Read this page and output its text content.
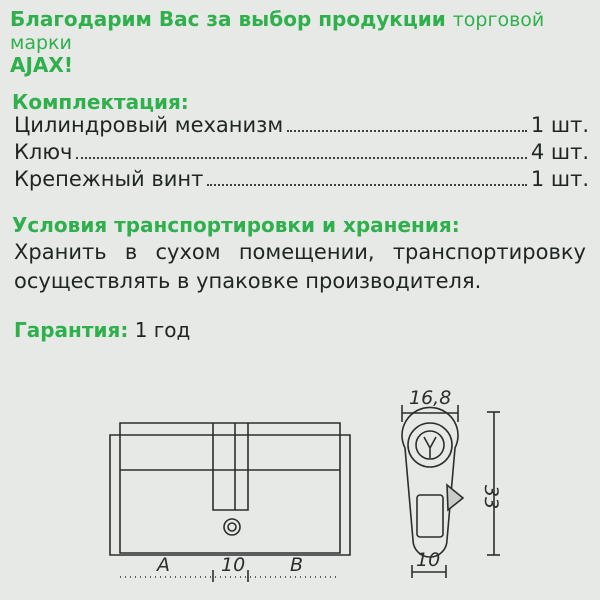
Благодарим Вас за выбор продукции торговой марки
AJAX!
Комплектация:
Цилиндровый механизм	1 шт.
Ключ	4 шт.
Крепежный винт	1 шт.
Условия транспортировки и хранения:
Хранить в сухом помещении, транспортировку
осуществлять в упаковке производителя.
Гарантия: 1 год
A	10 B
16,8
33
10
